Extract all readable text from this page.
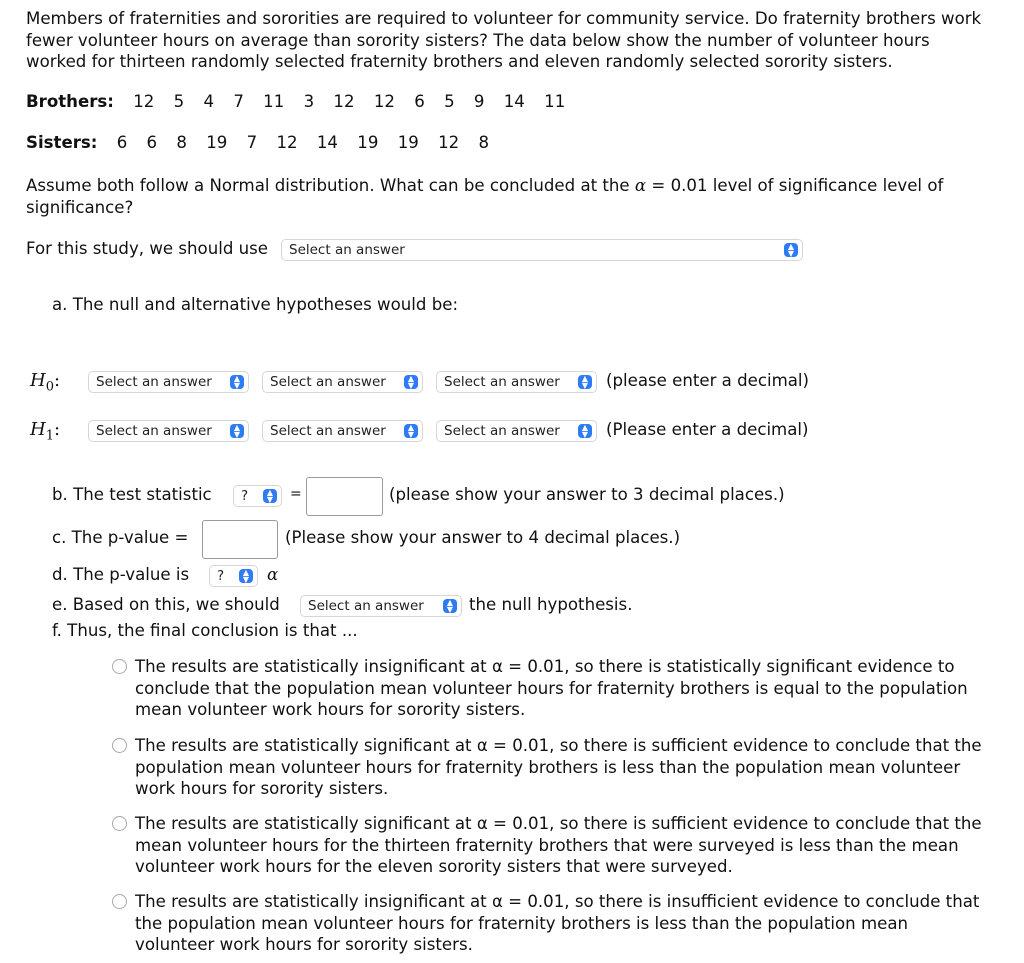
Members of fraternities and sororities are required to volunteer for community service. Do fraternity brothers work fewer volunteer hours on average than sorority sisters? The data below show the number of volunteer hours worked for thirteen randomly selected fraternity brothers and eleven randomly selected sorority sisters.
Brothers: 12 5 4 7 11 3 12 12 6 5 9 14 11
Sisters: 6 6 8 19 7 12 14 19 19 12 8
Assume both follow a Normal distribution. What can be concluded at the α = 0.01 level of significance level of significance?
For this study, we should use	Select an answer	▲
▼
a. The null and alternative hypotheses would be:
$H_0$:	Select an answer	▲
▼	Select an answer	▲
▼	Select an answer	▲
▼ (please enter a decimal)
$H_1$:	Select an answer	▲
▼	Select an answer	▲
▼	Select an answer	▲
▼ (Please enter a decimal)
b. The test statistic	?	▲
▼ =	(please show your answer to 3 decimal places.)
c. The p-value =	(Please show your answer to 4 decimal places.)
d. The p-value is	?	▲
▼ α
e. Based on this, we should	Select an answer	▲
▼ the null hypothesis.
f. Thus, the final conclusion is that ...
The results are statistically insignificant at α = 0.01, so there is statistically significant evidence to conclude that the population mean volunteer hours for fraternity brothers is equal to the population mean volunteer work hours for sorority sisters.
The results are statistically significant at α = 0.01, so there is sufficient evidence to conclude that the population mean volunteer hours for fraternity brothers is less than the population mean volunteer work hours for sorority sisters.
The results are statistically significant at α = 0.01, so there is sufficient evidence to conclude that the mean volunteer hours for the thirteen fraternity brothers that were surveyed is less than the mean volunteer work hours for the eleven sorority sisters that were surveyed.
The results are statistically insignificant at α = 0.01, so there is insufficient evidence to conclude that the population mean volunteer hours for fraternity brothers is less than the population mean volunteer work hours for sorority sisters.
